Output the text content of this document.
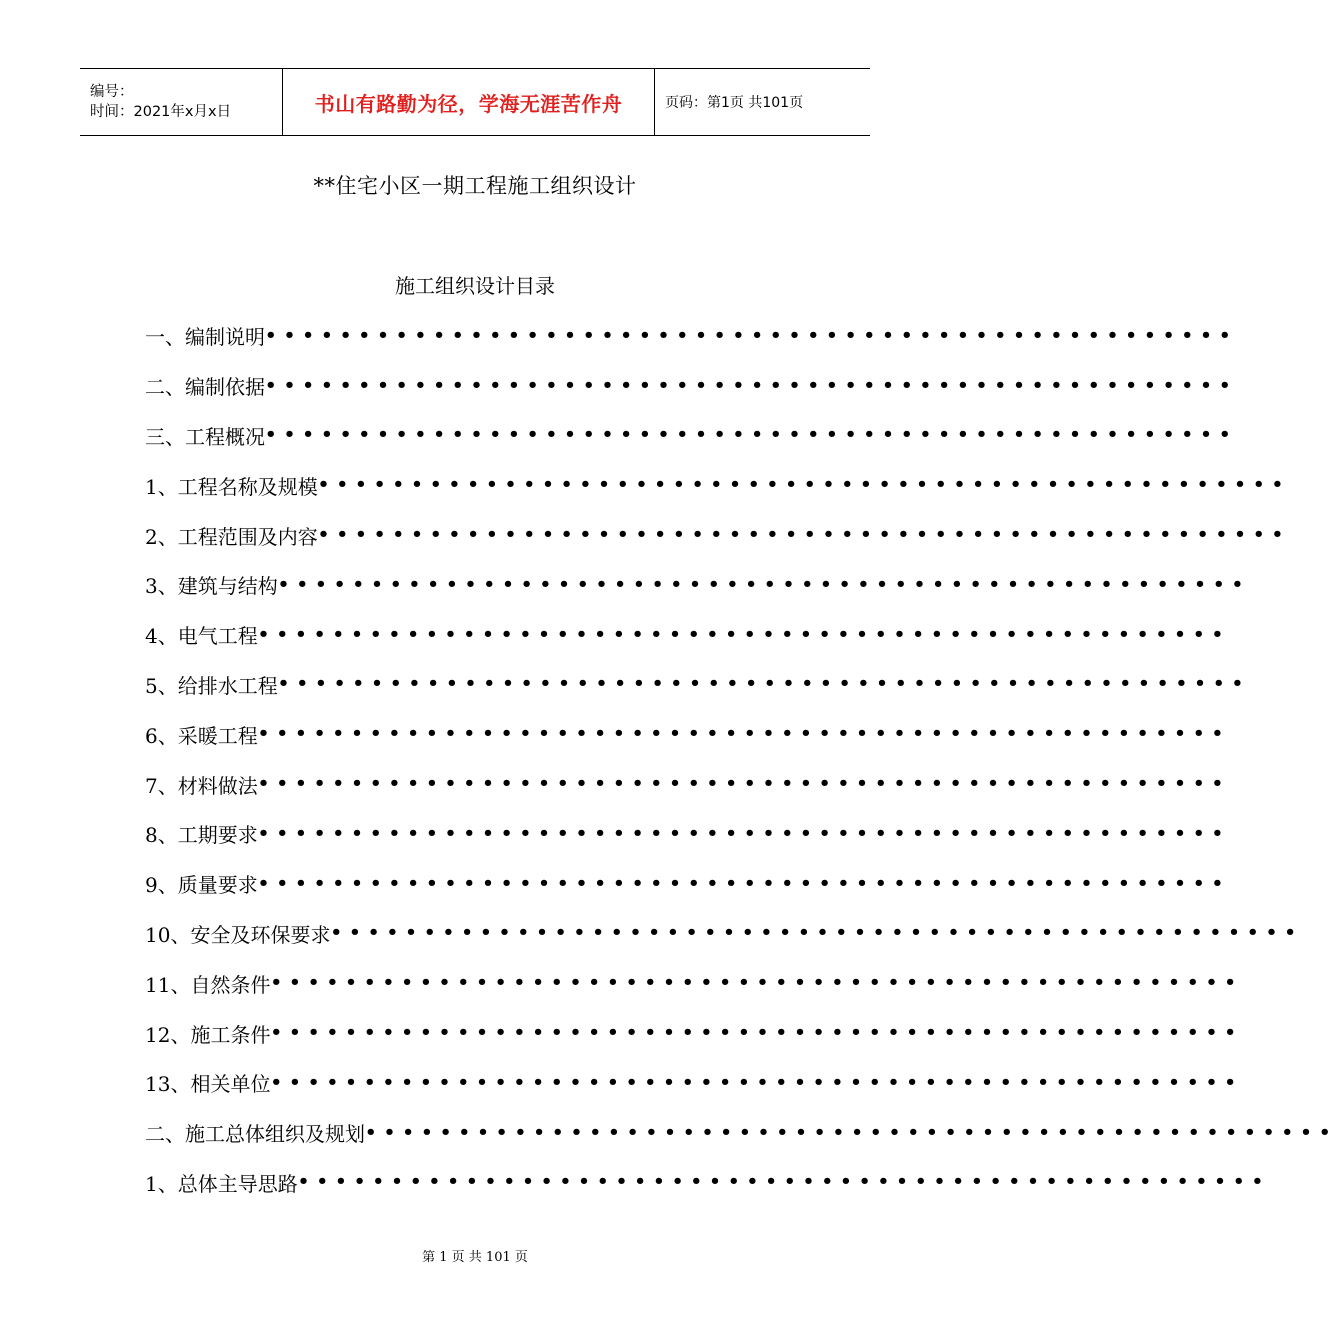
编号：
时间：2021年x月x日	书山有路勤为径，学海无涯苦作舟	页码：第1页 共101页
**住宅小区一期工程施工组织设计
施工组织设计目录
一、编制说明 ••••••••••••••••••••••••••••••••••••••••••••••••••••
二、编制依据 ••••••••••••••••••••••••••••••••••••••••••••••••••••
三、工程概况 ••••••••••••••••••••••••••••••••••••••••••••••••••••
1、工程名称及规模 ••••••••••••••••••••••••••••••••••••••••••••••••••••
2、工程范围及内容 ••••••••••••••••••••••••••••••••••••••••••••••••••••
3、建筑与结构 ••••••••••••••••••••••••••••••••••••••••••••••••••••
4、电气工程 ••••••••••••••••••••••••••••••••••••••••••••••••••••
5、给排水工程 ••••••••••••••••••••••••••••••••••••••••••••••••••••
6、采暖工程 ••••••••••••••••••••••••••••••••••••••••••••••••••••
7、材料做法 ••••••••••••••••••••••••••••••••••••••••••••••••••••
8、工期要求 ••••••••••••••••••••••••••••••••••••••••••••••••••••
9、质量要求 ••••••••••••••••••••••••••••••••••••••••••••••••••••
10、安全及环保要求 ••••••••••••••••••••••••••••••••••••••••••••••••••••
11、自然条件 ••••••••••••••••••••••••••••••••••••••••••••••••••••
12、施工条件 ••••••••••••••••••••••••••••••••••••••••••••••••••••
13、相关单位 ••••••••••••••••••••••••••••••••••••••••••••••••••••
二、施工总体组织及规划 ••••••••••••••••••••••••••••••••••••••••••••••••••••
1、总体主导思路 ••••••••••••••••••••••••••••••••••••••••••••••••••••
第 1 页 共 101 页
